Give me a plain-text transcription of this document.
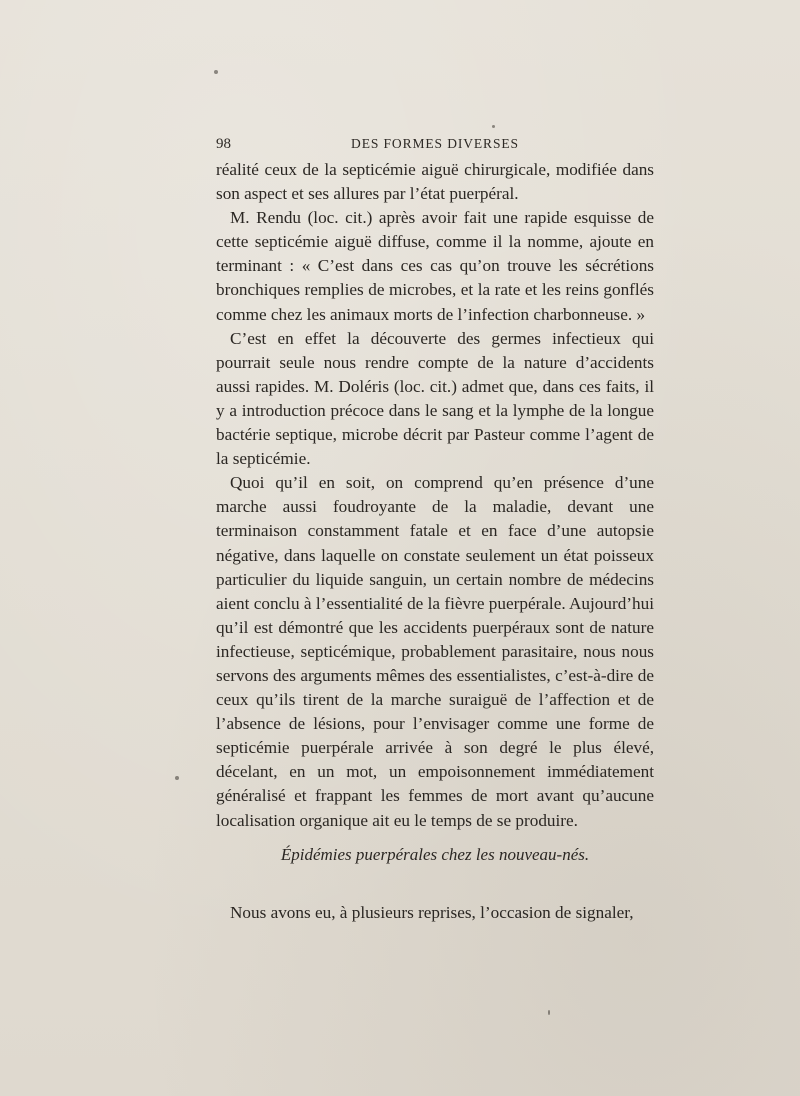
98	DES FORMES DIVERSES

réalité ceux de la septicémie aiguë chirurgicale, modifiée dans son aspect et ses allures par l’état puerpéral.

M. Rendu (loc. cit.) après avoir fait une rapide esquisse de cette septicémie aiguë diffuse, comme il la nomme, ajoute en terminant : « C’est dans ces cas qu’on trouve les sécrétions bronchiques remplies de microbes, et la rate et les reins gonflés comme chez les animaux morts de l’infection charbonneuse. »

C’est en effet la découverte des germes infectieux qui pourrait seule nous rendre compte de la nature d’accidents aussi rapides. M. Doléris (loc. cit.) admet que, dans ces faits, il y a introduction précoce dans le sang et la lymphe de la longue bactérie septique, microbe décrit par Pasteur comme l’agent de la septicémie.

Quoi qu’il en soit, on comprend qu’en présence d’une marche aussi foudroyante de la maladie, devant une terminaison constamment fatale et en face d’une autopsie négative, dans laquelle on constate seulement un état poisseux particulier du liquide sanguin, un certain nombre de médecins aient conclu à l’essentialité de la fièvre puerpérale. Aujourd’hui qu’il est démontré que les accidents puerpéraux sont de nature infectieuse, septicémique, probablement parasitaire, nous nous servons des arguments mêmes des essentialistes, c’est-à-dire de ceux qu’ils tirent de la marche suraiguë de l’affection et de l’absence de lésions, pour l’envisager comme une forme de septicémie puerpérale arrivée à son degré le plus élevé, décelant, en un mot, un empoisonnement immédiatement généralisé et frappant les femmes de mort avant qu’aucune localisation organique ait eu le temps de se produire.

Épidémies puerpérales chez les nouveau-nés.

Nous avons eu, à plusieurs reprises, l’occasion de signaler,
